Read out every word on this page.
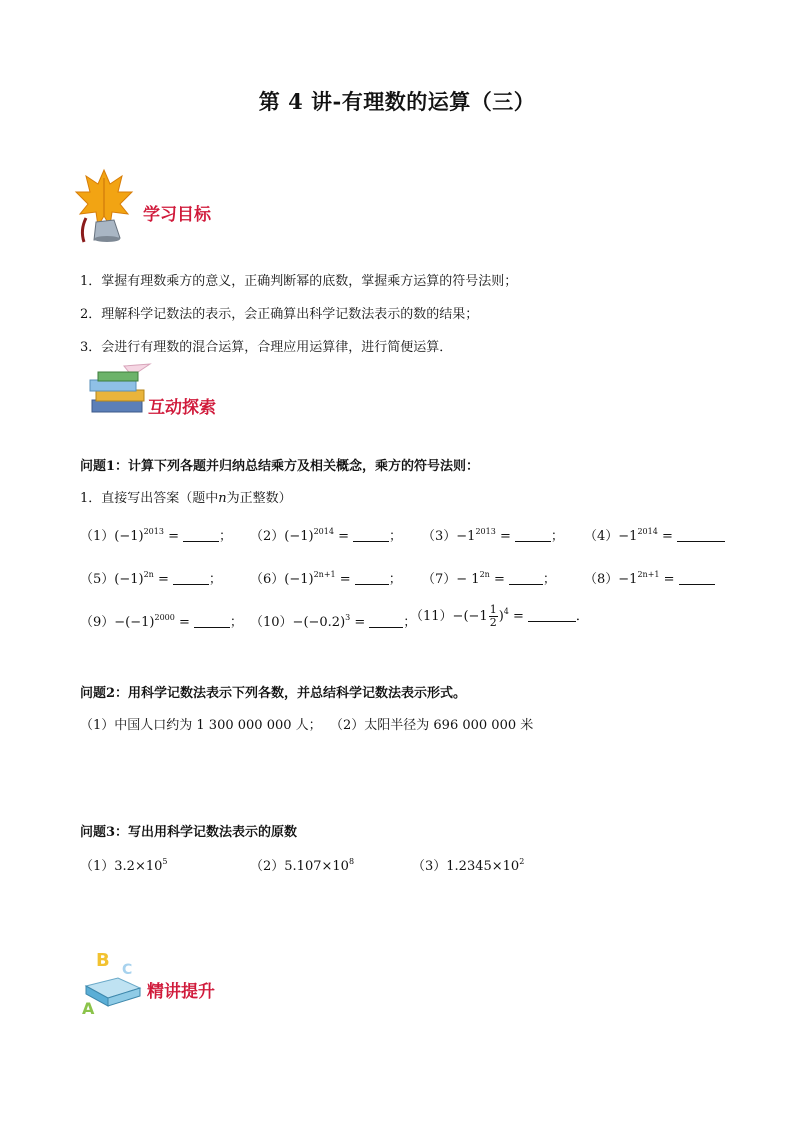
第 4 讲-有理数的运算（三）
学习目标
1．掌握有理数乘方的意义，正确判断幂的底数，掌握乘方运算的符号法则；
2．理解科学记数法的表示，会正确算出科学记数法表示的数的结果；
3．会进行有理数的混合运算，合理应用运算律，进行简便运算．
互动探索
问题1：计算下列各题并归纳总结乘方及相关概念，乘方的符号法则：
1．直接写出答案（题中n为正整数）
$(1)(-1)^{2013}$ =	； $(2)(-1)^{2014}$ =	； $(3)-1^{2013}$ =	； $(4)-1^{2014}$ =
$(5)(-1)^{2n}$ =	； $(6)(-1)^{2n+1}$ =	； $(7)- 1^{2n}$ =	； $(8)-1^{2n+1}$ =
$(9)-(-1)^{2000}$ =	； $(10)-(-0.2)^3$ =	；
$(11)-(-1 \frac{1}{2} )^4$ =	．
问题2：用科学记数法表示下列各数，并总结科学记数法表示形式。
（1）中国人口约为 1 300 000 000 人； （2）太阳半径为 696 000 000 米
问题3：写出用科学记数法表示的原数
$(1)3.2\times 10^5$	$(2)5.107\times 10^8$	$(3)1.2345\times 10^2$
B C
A
精讲提升
